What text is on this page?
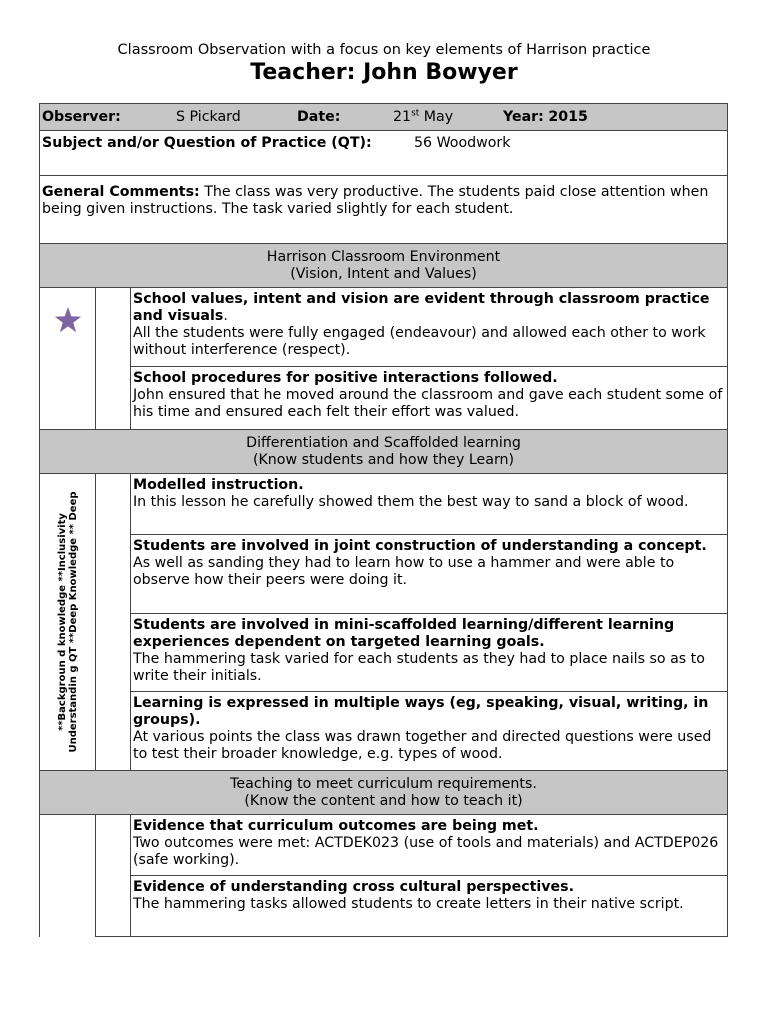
Classroom Observation with a focus on key elements of Harrison practice
Teacher: John Bowyer
Observer: S Pickard Date: 21st May Year: 2015		
Subject and/or Question of Practice (QT): 56 Woodwork		
General Comments: The class was very productive. The students paid close attention when being given instructions. The task varied slightly for each student.		

Harrison Classroom Environment
(Vision, Intent and Values)		

		School values, intent and vision are evident through classroom practice and visuals.
All the students were fully engaged (endeavour) and allowed each other to work without interference (respect).
		School procedures for positive interactions followed.
John ensured that he moved around the classroom and gave each student some of his time and ensured each felt their effort was valued.

Differentiation and Scaffolded learning
(Know students and how they Learn)		

**Backgroun d knowledge **Inclusivity Understandin g QT **Deep Knowledge ** Deep		Modelled instruction.
In this lesson he carefully showed them the best way to sand a block of wood.
		Students are involved in joint construction of understanding a concept.
As well as sanding they had to learn how to use a hammer and were able to observe how their peers were doing it.
		Students are involved in mini-scaffolded learning/different learning experiences dependent on targeted learning goals.
The hammering task varied for each students as they had to place nails so as to write their initials.
		Learning is expressed in multiple ways (eg, speaking, visual, writing, in groups).
At various points the class was drawn together and directed questions were used to test their broader knowledge, e.g. types of wood.

Teaching to meet curriculum requirements.
(Know the content and how to teach it)		

		Evidence that curriculum outcomes are being met.
Two outcomes were met: ACTDEK023 (use of tools and materials) and ACTDEP026 (safe working).
		Evidence of understanding cross cultural perspectives.
The hammering tasks allowed students to create letters in their native script.
